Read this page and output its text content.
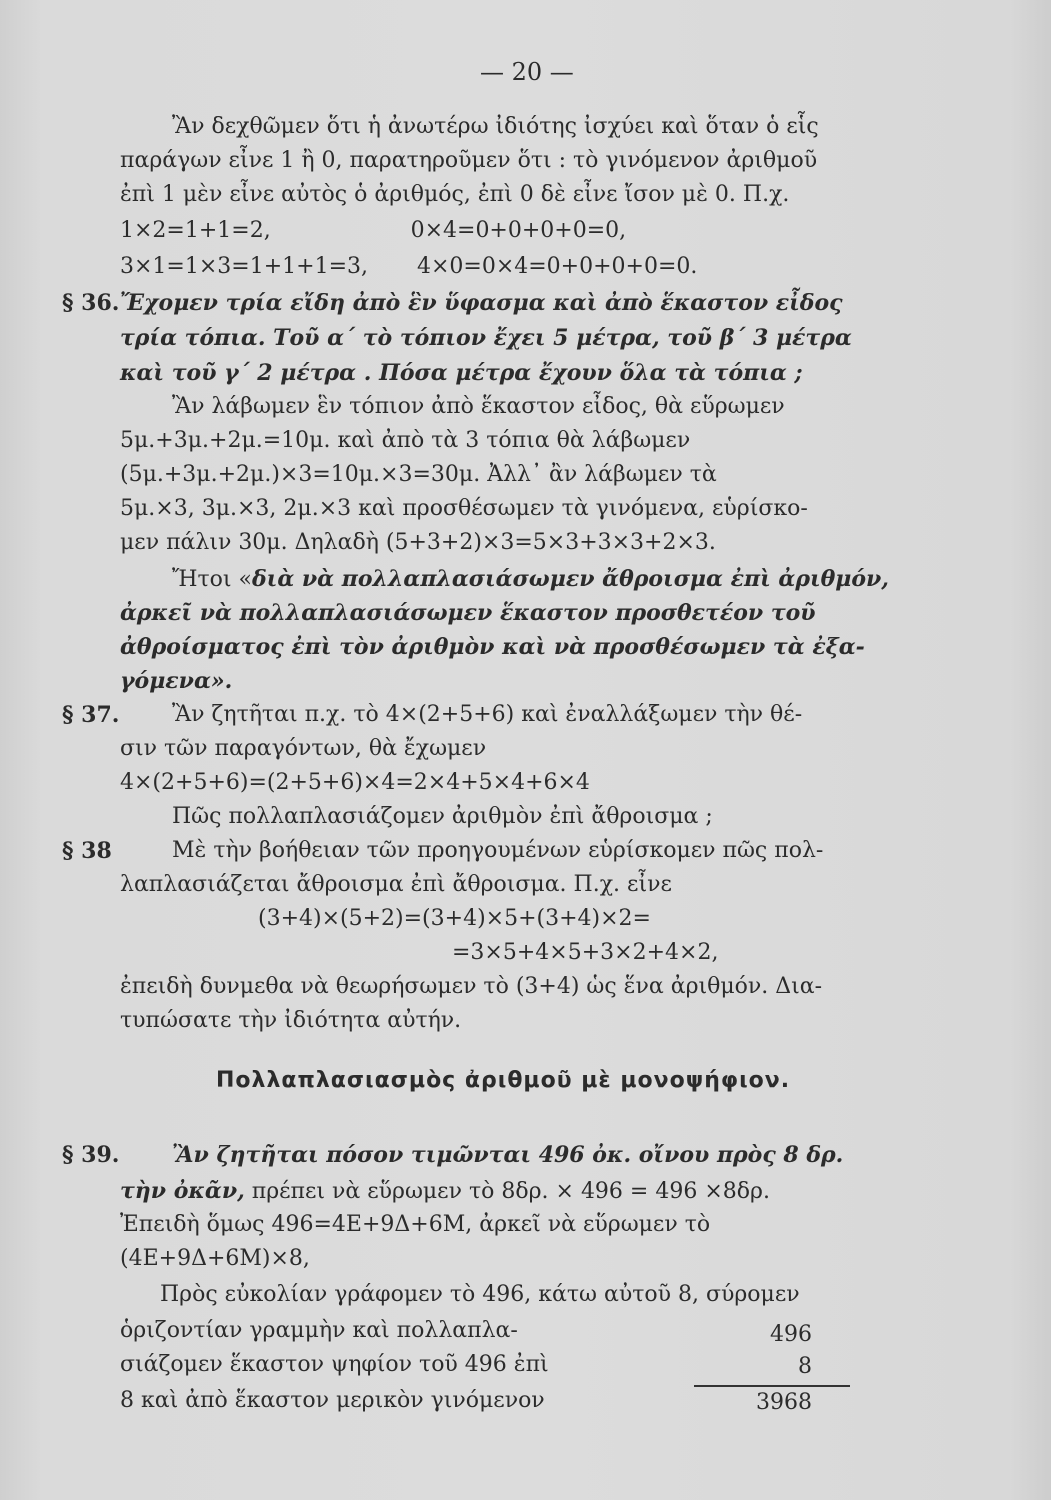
— 20 —
Ἂν δεχθῶμεν ὅτι ἡ ἀνωτέρω ἰδιότης ἰσχύει καὶ ὅταν ὁ εἷς
παράγων εἶνε 1 ἢ 0, παρατηροῦμεν ὅτι : τὸ γινόμενον ἀριθμοῦ
ἐπὶ 1 μὲν εἶνε αὐτὸς ὁ ἀριθμός, ἐπὶ 0 δὲ εἶνε ἴσον μὲ 0. Π.χ.
1×2=1+1=2,                    0×4=0+0+0+0=0,
3×1=1×3=1+1+1=3,       4×0=0×4=0+0+0+0=0.
§ 36. Ἔχομεν τρία εἴδη ἀπὸ ἓν ὕφασμα καὶ ἀπὸ ἕκαστον εἶδος
τρία τόπια. Τοῦ α΄ τὸ τόπιον ἔχει 5 μέτρα, τοῦ β΄ 3 μέτρα
καὶ τοῦ γ΄ 2 μέτρα . Πόσα μέτρα ἔχουν ὅλα τὰ τόπια ;
Ἂν λάβωμεν ἓν τόπιον ἀπὸ ἕκαστον εἶδος, θὰ εὕρωμεν
5μ.+3μ.+2μ.=10μ. καὶ ἀπὸ τὰ 3 τόπια θὰ λάβωμεν
(5μ.+3μ.+2μ.)×3=10μ.×3=30μ. Ἀλλ᾽ ἂν λάβωμεν τὰ
5μ.×3, 3μ.×3, 2μ.×3 καὶ προσθέσωμεν τὰ γινόμενα, εὑρίσκο-
μεν πάλιν 30μ. Δηλαδὴ (5+3+2)×3=5×3+3×3+2×3.
Ἤτοι «διὰ νὰ πολλαπλασιάσωμεν ἄθροισμα ἐπὶ ἀριθμόν,
ἀρκεῖ νὰ πολλαπλασιάσωμεν ἕκαστον προσθετέον τοῦ
ἀθροίσματος ἐπὶ τὸν ἀριθμὸν καὶ νὰ προσθέσωμεν τὰ ἐξα-
γόμενα».
§ 37. Ἂν ζητῆται π.χ. τὸ 4×(2+5+6) καὶ ἐναλλάξωμεν τὴν θέ-
σιν τῶν παραγόντων, θὰ ἔχωμεν
4×(2+5+6)=(2+5+6)×4=2×4+5×4+6×4
Πῶς πολλαπλασιάζομεν ἀριθμὸν ἐπὶ ἄθροισμα ;
§ 38	Μὲ τὴν βοήθειαν τῶν προηγουμένων εὑρίσκομεν πῶς πολ-
λαπλασιάζεται ἄθροισμα ἐπὶ ἄθροισμα. Π.χ. εἶνε
(3+4)×(5+2)=(3+4)×5+(3+4)×2=
=3×5+4×5+3×2+4×2,
ἐπειδὴ δυνμεθα νὰ θεωρήσωμεν τὸ (3+4) ὡς ἕνα ἀριθμόν. Δια-
τυπώσατε τὴν ἰδιότητα αὐτήν.
Πολλαπλασιασμὸς ἀριθμοῦ μὲ μονοψήφιον.
§ 39. Ἂν ζητῆται πόσον τιμῶνται 496 ὀκ. οἴνου πρὸς 8 δρ.
τὴν ὀκᾶν, πρέπει νὰ εὕρωμεν τὸ 8δρ. × 496 = 496 ×8δρ.
Ἐπειδὴ ὅμως 496=4Ε+9Δ+6Μ, ἀρκεῖ νὰ εὕρωμεν τὸ
(4Ε+9Δ+6Μ)×8,
Πρὸς εὐκολίαν γράφομεν τὸ 496, κάτω αὐτοῦ 8, σύρομεν
ὁριζοντίαν γραμμὴν καὶ πολλαπλα-
σιάζομεν ἕκαστον ψηφίον τοῦ 496 ἐπὶ
8 καὶ ἀπὸ ἕκαστον μερικὸν γινόμενον
496
8
3968
